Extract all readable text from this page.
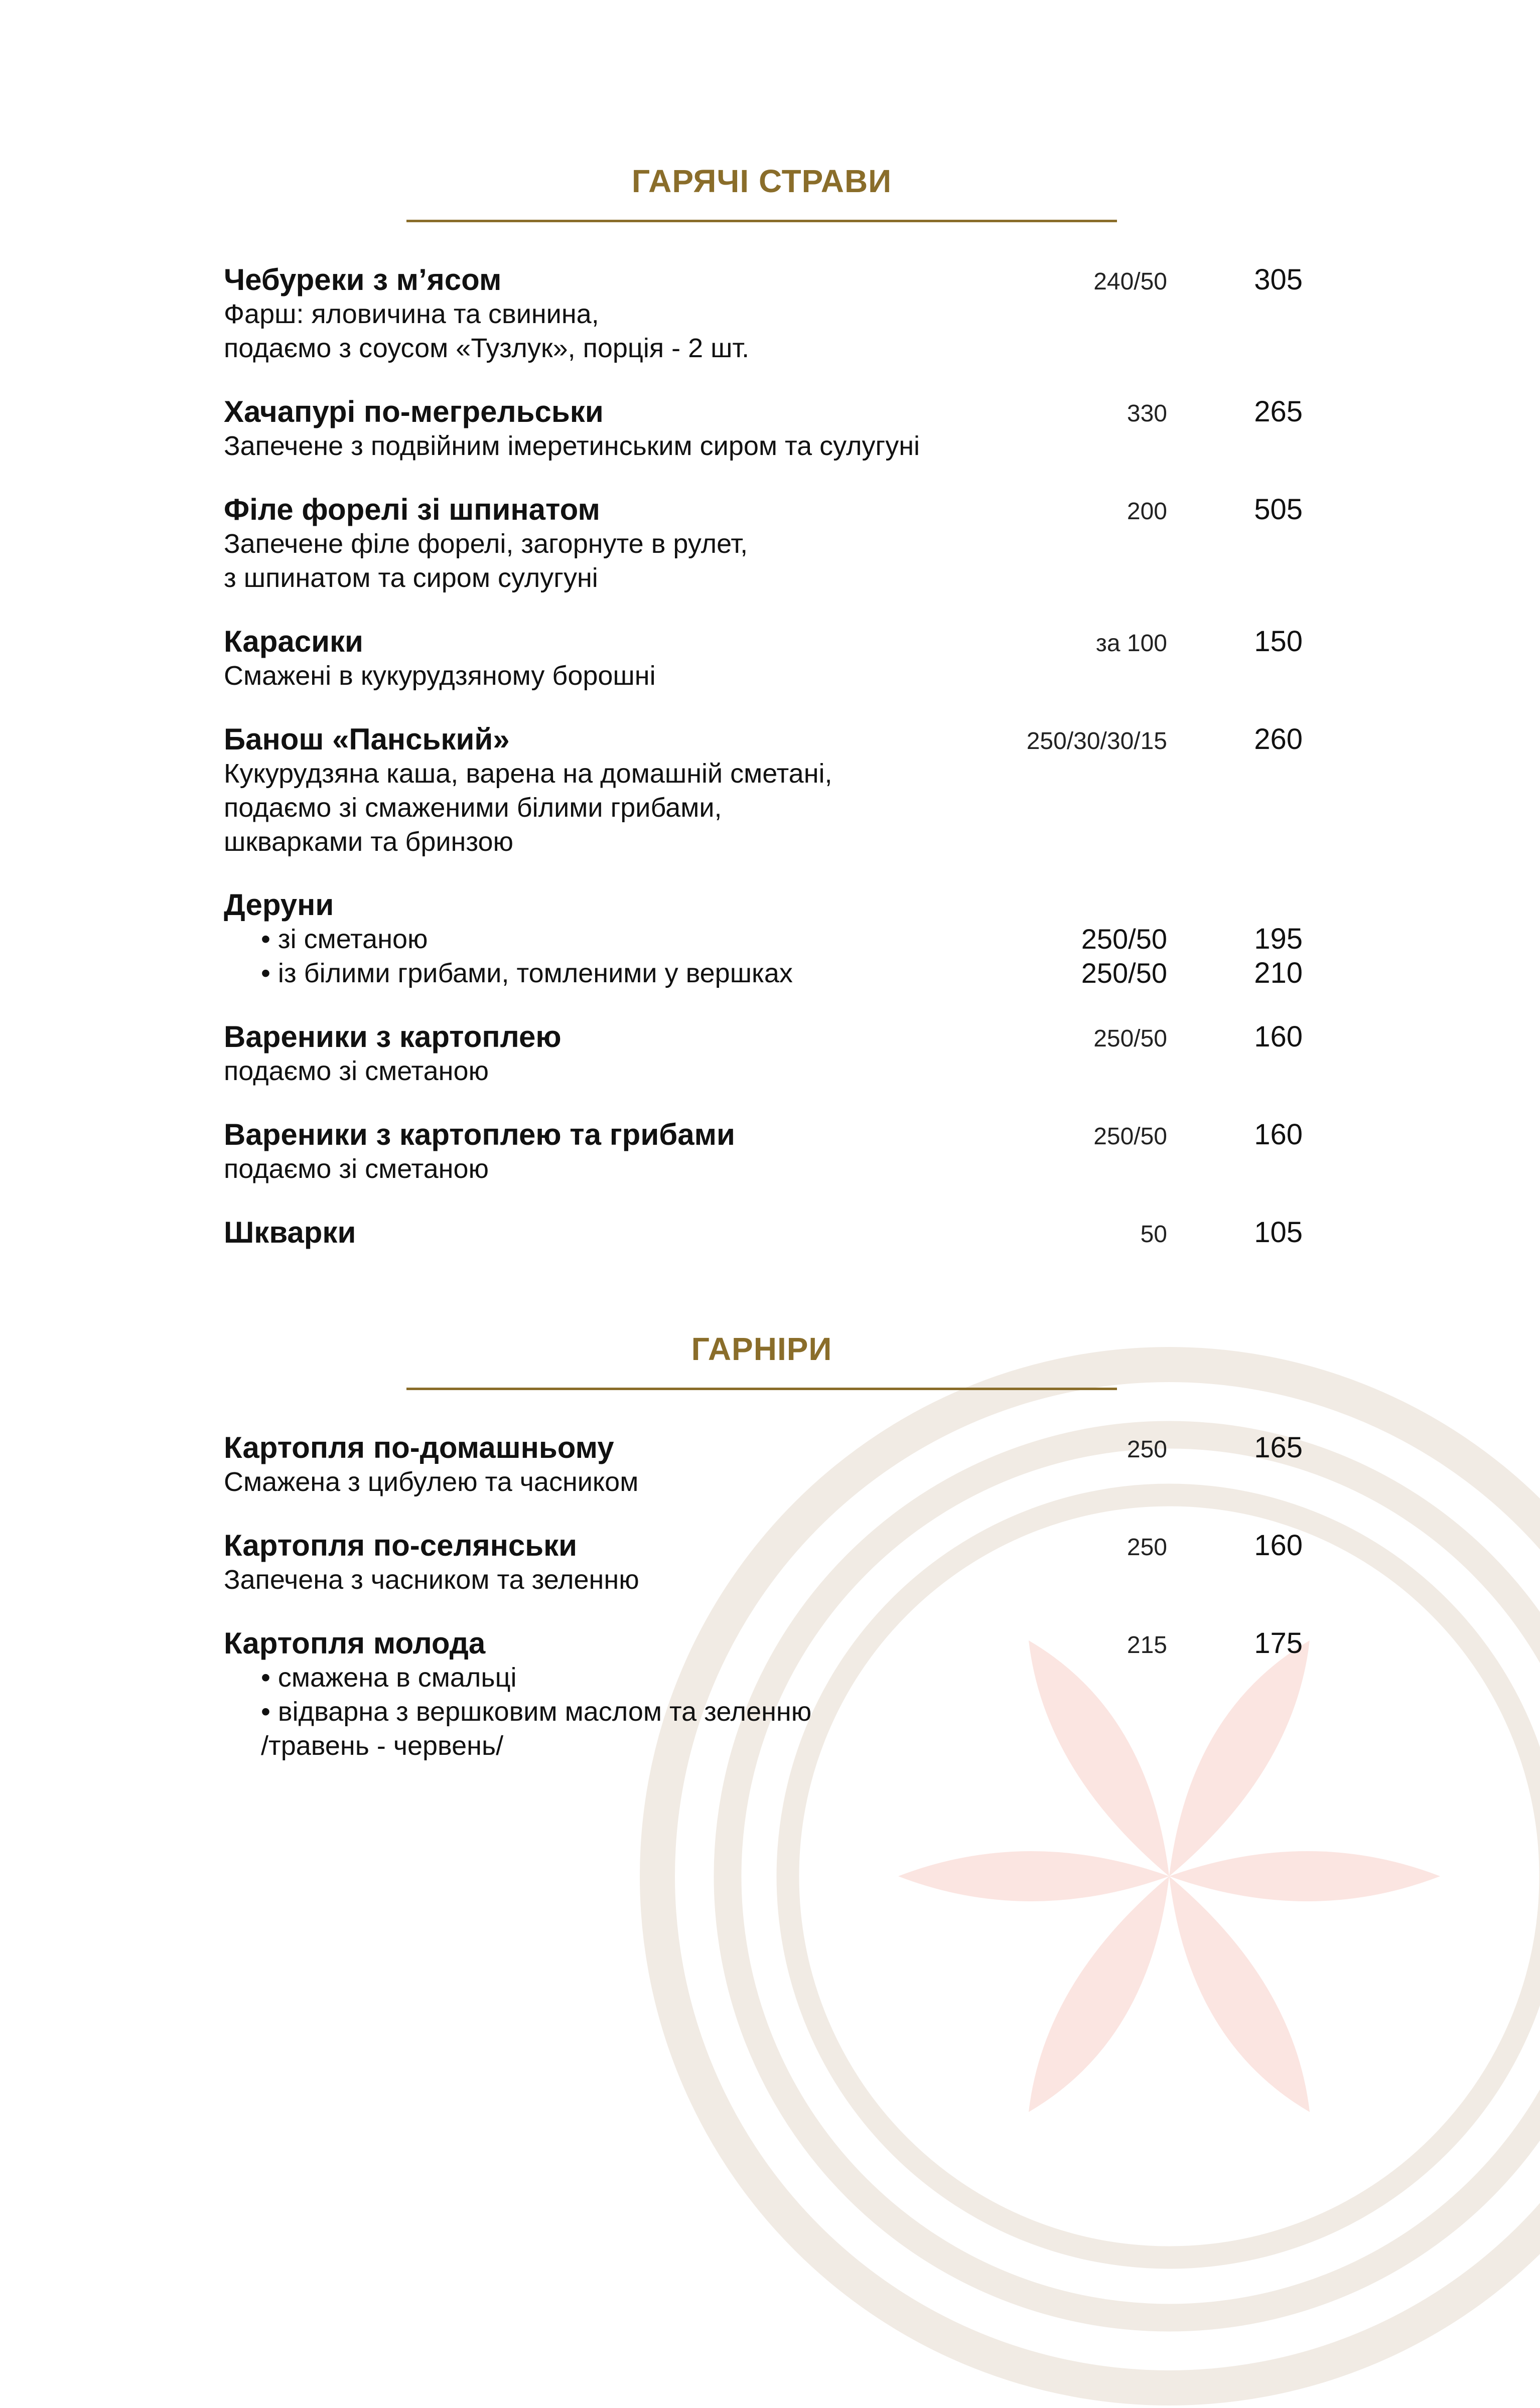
ГАРЯЧІ СТРАВИ
Чебуреки з м’ясом	240/50	305
Фарш: яловичина та свинина,
подаємо з соусом «Тузлук», порція - 2 шт.
Хачапурі по-мегрельськи	330	265
Запечене з подвійним імеретинським сиром та сулугуні
Філе форелі зі шпинатом	200	505
Запечене філе форелі, загорнуте в рулет,
з шпинатом та сиром сулугуні
Карасики	за 100	150
Смажені в кукурудзяному борошні
Банош «Панський»	250/30/30/15	260
Кукурудзяна каша, варена на домашній сметані,
подаємо зі смаженими білими грибами,
шкварками та бринзою
Деруни
• зі сметаною	250/50	195
• із білими грибами, томленими у вершках	250/50	210
Вареники з картоплею	250/50	160
подаємо зі сметаною
Вареники з картоплею та грибами	250/50	160
подаємо зі сметаною
Шкварки	50	105
ГАРНІРИ
Картопля по-домашньому	250	165
Смажена з цибулею та часником
Картопля по-селянськи	250	160
Запечена з часником та зеленню
Картопля молода	215	175
• смажена в смальці
• відварна з вершковим маслом та зеленню
/травень - червень/
